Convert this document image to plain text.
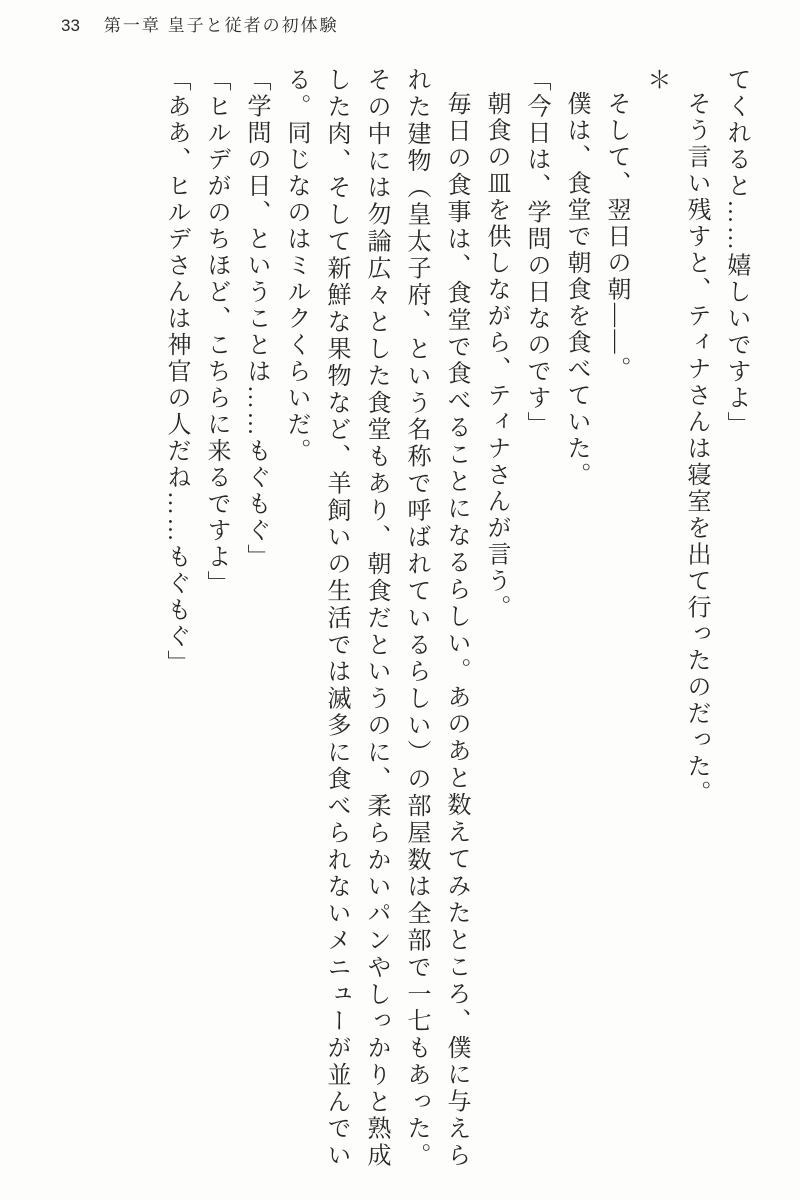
33 第一章 皇子と従者の初体験

てくれると……嬉しいですよ」

そう言い残すと、ティナさんは寝室を出て行ったのだった。

＊

そして、翌日の朝――。

僕は、食堂で朝食を食べていた。

「今日は、学問の日なのです」

朝食の皿を供しながら、ティナさんが言う。

毎日の食事は、食堂で食べることになるらしい。あのあと数えてみたところ、僕に与えられた建物（皇太子府、という名称で呼ばれているらしい）の部屋数は全部で一七もあった。その中には勿論広々とした食堂もあり、朝食だというのに、柔らかいパンやしっかりと熟成した肉、そして新鮮な果物など、羊飼いの生活では滅多に食べられないメニューが並んでいる。同じなのはミルクくらいだ。

「学問の日、ということは……もぐもぐ」

「ヒルデがのちほど、こちらに来るですよ」

「ああ、ヒルデさんは神官の人だね……もぐもぐ」
